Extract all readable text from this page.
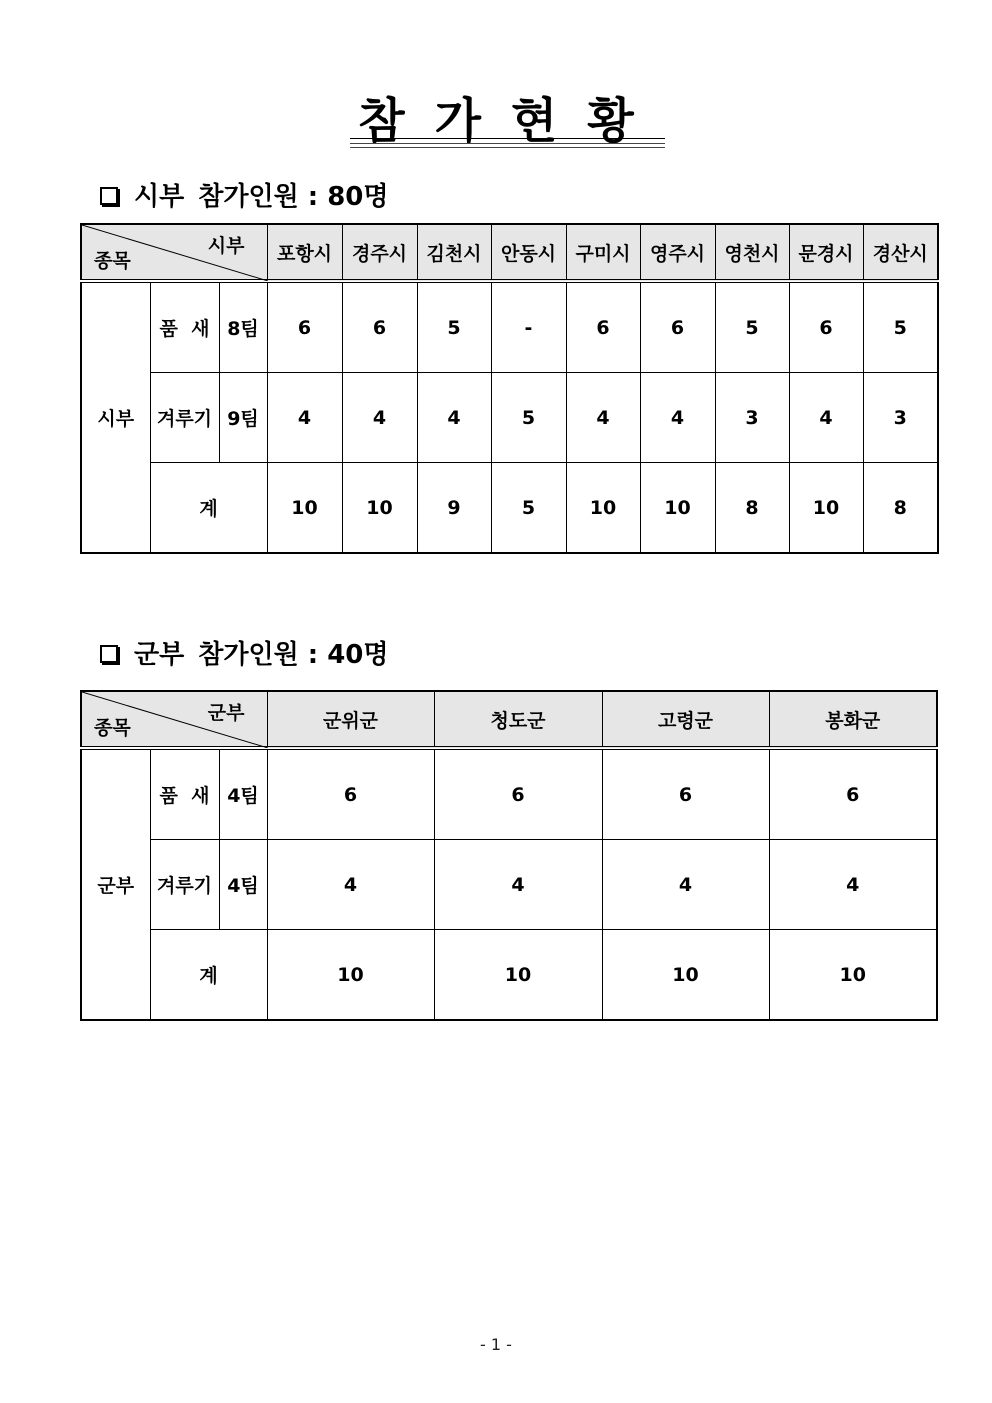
참가현황
시부 참가인원 : 80명
시부
종목			포항시	경주시	김천시	안동시	구미시	영주시	영천시	문경시	경산시
시부	품  새	8팀	6	6	5	-	6	6	5	6	5
	겨루기	9팀	4	4	4	5	4	4	3	4	3
	계		10	10	9	5	10	10	8	10	8
군부 참가인원 : 40명
군부
종목			군위군	청도군	고령군	봉화군
군부	품  새	4팀	6	6	6	6
	겨루기	4팀	4	4	4	4
	계		10	10	10	10
- 1 -
